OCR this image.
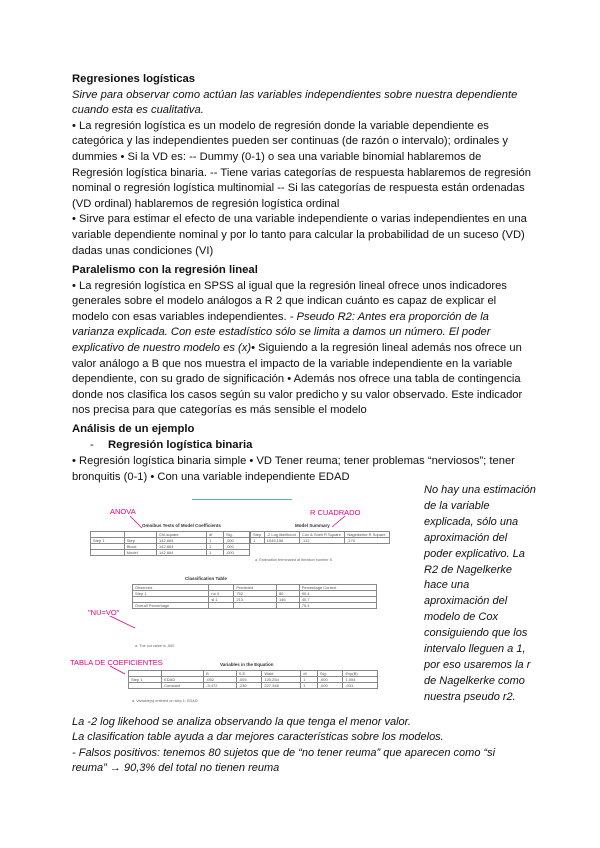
Regresiones logísticas

Sirve para observar como actúan las variables independientes sobre nuestra dependiente cuando esta es cualitativa.

• La regresión logística es un modelo de regresión donde la variable dependiente es categórica y las independientes pueden ser continuas (de razón o intervalo); ordinales y dummies • Si la VD es: -- Dummy (0-1) o sea una variable binomial hablaremos de Regresión logística binaria. -- Tiene varias categorías de respuesta hablaremos de regresión nominal o regresión logística multinomial -- Si las categorías de respuesta están ordenadas (VD ordinal) hablaremos de regresión logística ordinal

• Sirve para estimar el efecto de una variable independiente o varias independientes en una variable dependiente nominal y por lo tanto para calcular la probabilidad de un suceso (VD) dadas unas condiciones (VI)

Paralelismo con la regresión lineal

• La regresión logística en SPSS al igual que la regresión lineal ofrece unos indicadores generales sobre el modelo análogos a R 2 que indican cuánto es capaz de explicar el modelo con esas variables independientes. - Pseudo R2: Antes era proporción de la varianza explicada. Con este estadístico sólo se limita a damos un número. El poder explicativo de nuestro modelo es (x)• Siguiendo a la regresión lineal además nos ofrece un valor análogo a B que nos muestra el impacto de la variable independiente en la variable dependiente, con su grado de significación • Además nos ofrece una tabla de contingencia donde nos clasifica los casos según su valor predicho y su valor observado. Este indicador nos precisa para que categorías es más sensible el modelo

Análisis de un ejemplo
- Regresión logística binaria

• Regresión logística binaria simple • VD Tener reuma; tener problemas “nerviosos”; tener bronquitis (0-1) • Con una variable independiente EDAD

ANOVA	R CUADRADO
"NU=VO"
TABLA DE COEFICIENTES
Omnibus Tests of Model Coefficients
		Chi-square	df	Sig.
Step 1	Step	142,664	1	,000
	Block	142,664	1	,000
	Model	142,664	1	,000
Model Summary
Step	-2 Log likelihood	Cox & Snell R Square	Nagelkerke R Square
1	1045,156	,112	,170
a. Estimation terminated at iteration number 5
Classification Table
Observed		Predicted		Percentage Correct
Step 1	no 0	752	80	90,4
	si 1	213	146	40,7
Overall Percentage				75,4
a. The cut value is ,500
Variables in the Equation
		B	S.E.	Wald	df	Sig.	Exp(B)
Step 1	EDAD	,052	,005	120,254	1	,000	1,054
	Constant	-3,472	,230	227,346	1	,000	,031
a. Variable(s) entered on step 1: EDAD.
No hay una estimación de la variable explicada, sólo una aproximación del poder explicativo. La R2 de Nagelkerke hace una aproximación del modelo de Cox consiguiendo que los intervalo lleguen a 1, por eso usaremos la r de Nagelkerke como nuestra pseudo r2.

La -2 log likehood se analiza observando la que tenga el menor valor.

La clasification table ayuda a dar mejores características sobre los modelos.

- Falsos positivos: tenemos 80 sujetos que de “no tener reuma” que aparecen como “si reuma” → 90,3% del total no tienen reuma
